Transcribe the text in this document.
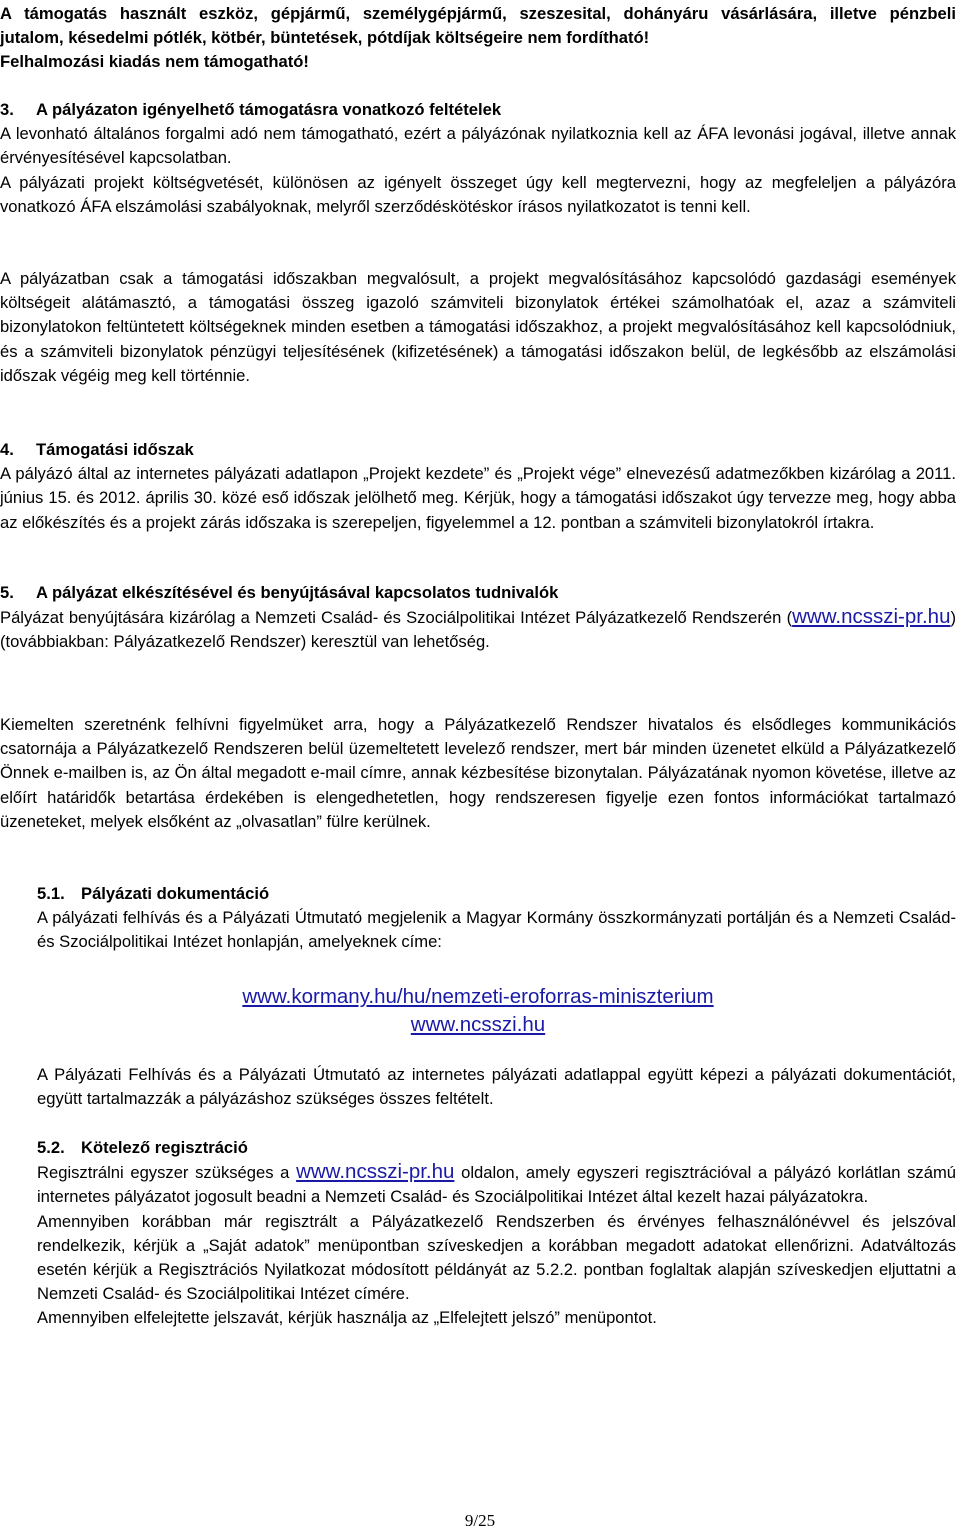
A támogatás használt eszköz, gépjármű, személygépjármű, szeszesital, dohányáru vásárlására, illetve pénzbeli
jutalom, késedelmi pótlék, kötbér, büntetések, pótdíjak költségeire nem fordítható!
Felhalmozási kiadás nem támogatható!
3. A pályázaton igényelhető támogatásra vonatkozó feltételek

A levonható általános forgalmi adó nem támogatható, ezért a pályázónak nyilatkoznia kell az ÁFA levonási jogával, illetve annak érvényesítésével kapcsolatban.

A pályázati projekt költségvetését, különösen az igényelt összeget úgy kell megtervezni, hogy az megfeleljen a pályázóra vonatkozó ÁFA elszámolási szabályoknak, melyről szerződéskötéskor írásos nyilatkozatot is tenni kell.

A pályázatban csak a támogatási időszakban megvalósult, a projekt megvalósításához kapcsolódó gazdasági események költségeit alátámasztó, a támogatási összeg igazoló számviteli bizonylatok értékei számolhatóak el, azaz a számviteli bizonylatokon feltüntetett költségeknek minden esetben a támogatási időszakhoz, a projekt megvalósításához kell kapcsolódniuk, és a számviteli bizonylatok pénzügyi teljesítésének (kifizetésének) a támogatási időszakon belül, de legkésőbb az elszámolási időszak végéig meg kell történnie.
4. Támogatási időszak

A pályázó által az internetes pályázati adatlapon „Projekt kezdete” és „Projekt vége” elnevezésű adatmezőkben kizárólag a 2011. június 15. és 2012. április 30. közé eső időszak jelölhető meg. Kérjük, hogy a támogatási időszakot úgy tervezze meg, hogy abba az előkészítés és a projekt zárás időszaka is szerepeljen, figyelemmel a 12. pontban a számviteli bizonylatokról írtakra.

5. A pályázat elkészítésével és benyújtásával kapcsolatos tudnivalók

Pályázat benyújtására kizárólag a Nemzeti Család- és Szociálpolitikai Intézet Pályázatkezelő Rendszerén (www.ncsszi-pr.hu) (továbbiakban: Pályázatkezelő Rendszer) keresztül van lehetőség.

Kiemelten szeretnénk felhívni figyelmüket arra, hogy a Pályázatkezelő Rendszer hivatalos és elsődleges kommunikációs csatornája a Pályázatkezelő Rendszeren belül üzemeltetett levelező rendszer, mert bár minden üzenetet elküld a Pályázatkezelő Önnek e-mailben is, az Ön által megadott e-mail címre, annak kézbesítése bizonytalan. Pályázatának nyomon követése, illetve az előírt határidők betartása érdekében is elengedhetetlen, hogy rendszeresen figyelje ezen fontos információkat tartalmazó üzeneteket, melyek elsőként az „olvasatlan” fülre kerülnek.
5.1. Pályázati dokumentáció

A pályázati felhívás és a Pályázati Útmutató megjelenik a Magyar Kormány összkormányzati portálján és a Nemzeti Család- és Szociálpolitikai Intézet honlapján, amelyeknek címe:

www.kormany.hu/hu/nemzeti-eroforras-miniszterium
www.ncsszi.hu
A Pályázati Felhívás és a Pályázati Útmutató az internetes pályázati adatlappal együtt képezi a pályázati dokumentációt, együtt tartalmazzák a pályázáshoz szükséges összes feltételt.
5.2. Kötelező regisztráció

Regisztrálni egyszer szükséges a www.ncsszi-pr.hu oldalon, amely egyszeri regisztrációval a pályázó korlátlan számú internetes pályázatot jogosult beadni a Nemzeti Család- és Szociálpolitikai Intézet által kezelt hazai pályázatokra.

Amennyiben korábban már regisztrált a Pályázatkezelő Rendszerben és érvényes felhasználónévvel és jelszóval rendelkezik, kérjük a „Saját adatok” menüpontban szíveskedjen a korábban megadott adatokat ellenőrizni. Adatváltozás esetén kérjük a Regisztrációs Nyilatkozat módosított példányát az 5.2.2. pontban foglaltak alapján szíveskedjen eljuttatni a Nemzeti Család- és Szociálpolitikai Intézet címére.

Amennyiben elfelejtette jelszavát, kérjük használja az „Elfelejtett jelszó” menüpontot.

9/25
